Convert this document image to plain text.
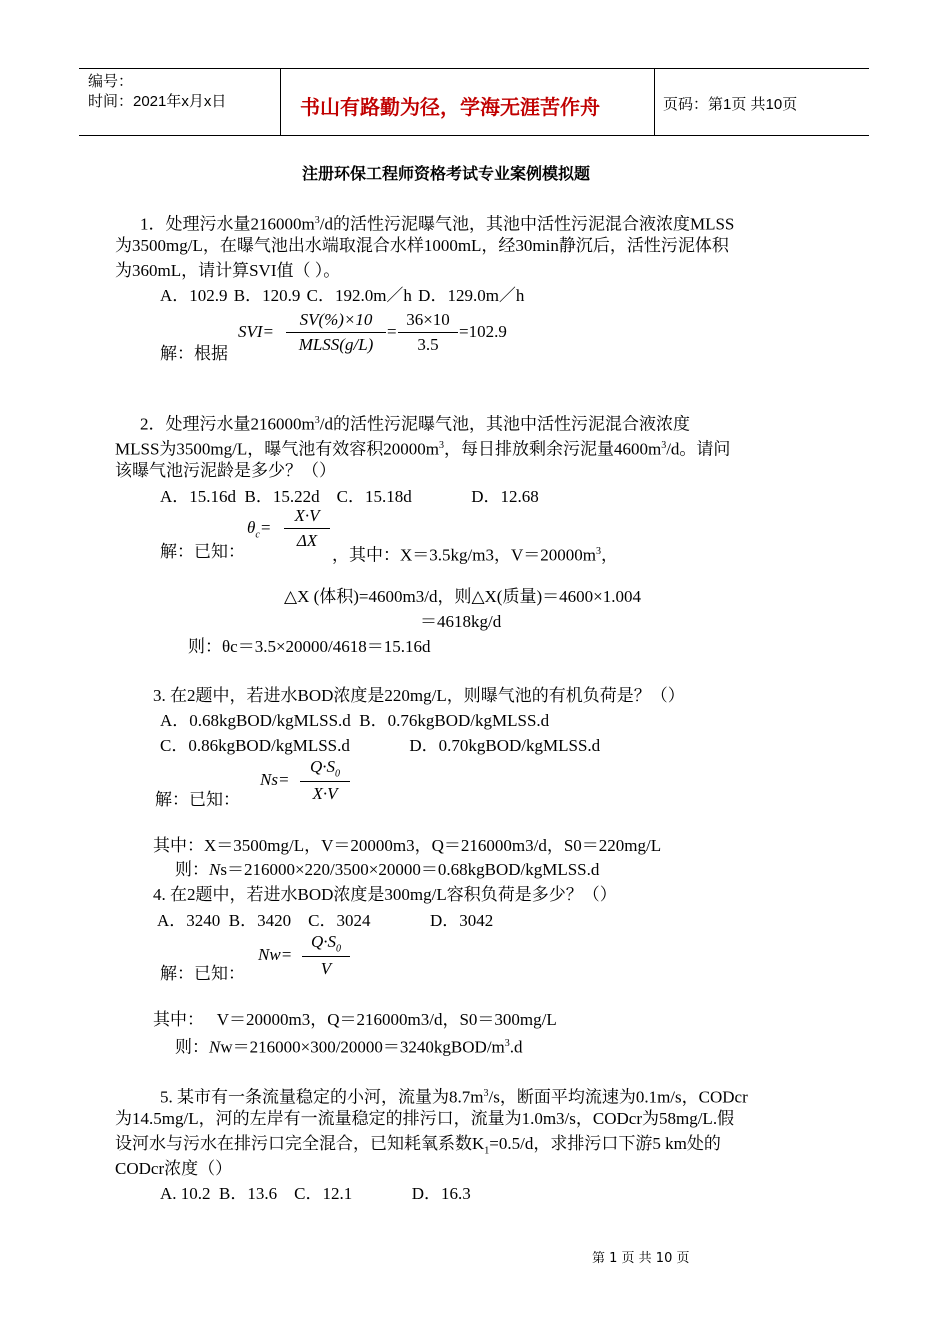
编号：
时间：2021年x月x日	书山有路勤为径，学海无涯苦作舟	页码：第1页 共10页
注册环保工程师资格考试专业案例模拟题
1．处理污水量$216000m^3/d$的活性污泥曝气池，其池中活性污泥混合液浓度MLSS
为3500mg/L，在曝气池出水端取混合水样1000mL，经30min静沉后，活性污泥体积
为360mL，请计算SVI值（ ）。
A．102.9 B．120.9 C．192.0m／h D．129.0m／h
解：根据
SVI=
SV(%)×10
MLSS(g/L)
=
36×10
3.5
=102.9
2．处理污水量$216000m^3/d$的活性污泥曝气池，其池中活性污泥混合液浓度
MLSS为3500mg/L，曝气池有效容积$20000m^3$，每日排放剩余污泥量$4600m^3/d$。请问
该曝气池污泥龄是多少？（）
A．15.16d  B．15.22d    C．15.18d              D．12.68
解：已知：
$\theta_c=$
X·V
ΔX
，其中：X＝3.5kg/m3，$V=20000m^3$，
△X (体积)=4600m3/d，则△X(质量)＝4600×1.004
＝4618kg/d
则：θc＝3.5×20000/4618＝15.16d
3. 在2题中，若进水BOD浓度是220mg/L，则曝气池的有机负荷是？（）
A．0.68kgBOD/kgMLSS.d  B．0.76kgBOD/kgMLSS.d
C．0.86kgBOD/kgMLSS.d              D．0.70kgBOD/kgMLSS.d
解：已知：
Ns=
$Q\cdot S_0$
X·V
其中：X＝3500mg/L，V＝20000m3，Q＝216000m3/d，S0＝220mg/L
则：Ns＝216000×220/3500×20000＝0.68kgBOD/kgMLSS.d
4. 在2题中，若进水BOD浓度是300mg/L容积负荷是多少？（）
A．3240  B．3420    C．3024              D．3042
解：已知：
Nw=
$Q\cdot S_0$
V
其中：   V＝20000m3，Q＝216000m3/d，S0＝300mg/L
则：$Nw=216000\times 300/20000=3240kgBOD/m^3.d$
5. 某市有一条流量稳定的小河，流量为$8.7m^3/s$，断面平均流速为0.1m/s，CODcr
为14.5mg/L，河的左岸有一流量稳定的排污口，流量为1.0m3/s，CODcr为58mg/L.假
设河水与污水在排污口完全混合，已知耗氧系数$K_1=0.5/d$，求排污口下游5 km处的
CODcr浓度（）
A. 10.2  B．13.6    C．12.1              D．16.3
第 1 页 共 10 页
